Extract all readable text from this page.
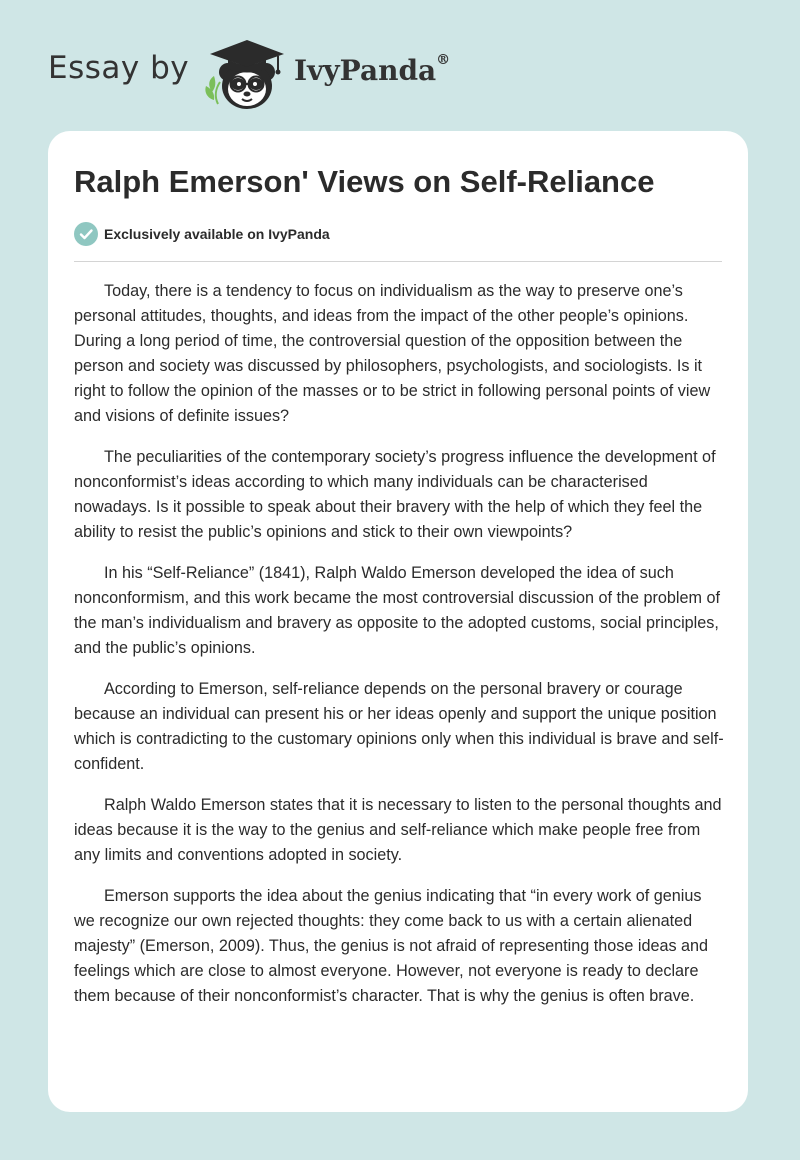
Essay by	IvyPanda®
Ralph Emerson' Views on Self-Reliance
Exclusively available on IvyPanda

Today, there is a tendency to focus on individualism as the way to preserve one’s personal attitudes, thoughts, and ideas from the impact of the other people’s opinions. During a long period of time, the controversial question of the opposition between the person and society was discussed by philosophers, psychologists, and sociologists. Is it right to follow the opinion of the masses or to be strict in following personal points of view and visions of definite issues?

The peculiarities of the contemporary society’s progress influence the development of nonconformist’s ideas according to which many individuals can be characterised nowadays. Is it possible to speak about their bravery with the help of which they feel the ability to resist the public’s opinions and stick to their own viewpoints?

In his “Self-Reliance” (1841), Ralph Waldo Emerson developed the idea of such nonconformism, and this work became the most controversial discussion of the problem of the man’s individualism and bravery as opposite to the adopted customs, social principles, and the public’s opinions.

According to Emerson, self-reliance depends on the personal bravery or courage because an individual can present his or her ideas openly and support the unique position which is contradicting to the customary opinions only when this individual is brave and self-confident.

Ralph Waldo Emerson states that it is necessary to listen to the personal thoughts and ideas because it is the way to the genius and self-reliance which make people free from any limits and conventions adopted in society.

Emerson supports the idea about the genius indicating that “in every work of genius we recognize our own rejected thoughts: they come back to us with a certain alienated majesty” (Emerson, 2009). Thus, the genius is not afraid of representing those ideas and feelings which are close to almost everyone. However, not everyone is ready to declare them because of their nonconformist’s character. That is why the genius is often brave.
